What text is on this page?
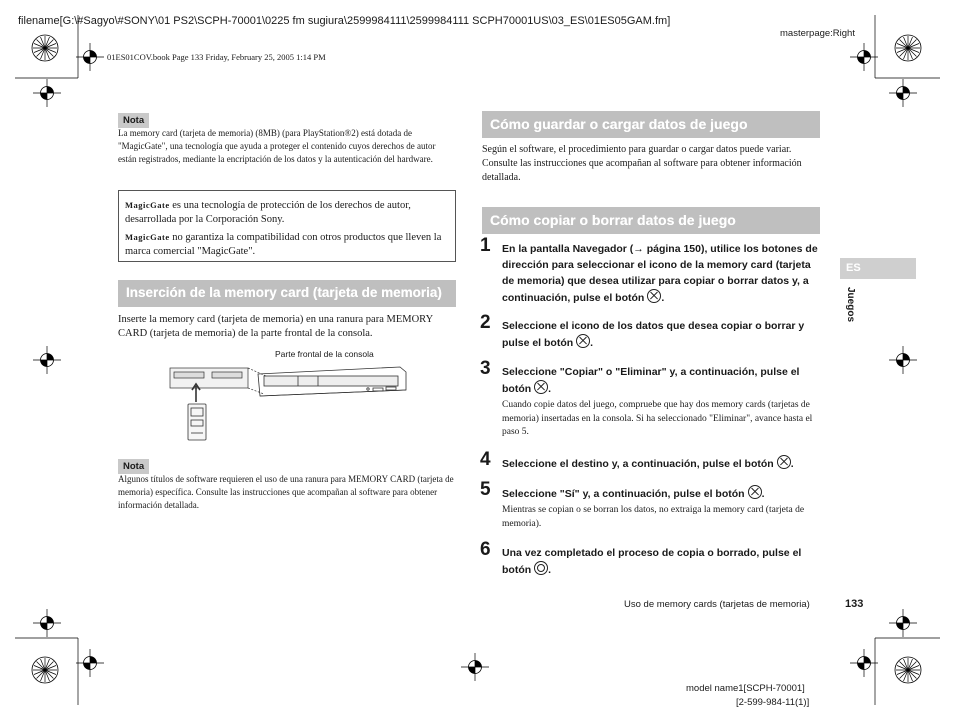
filename[G:\#Sagyo\#SONY\01 PS2\SCPH-70001\0225 fm sugiura\2599984111\2599984111 SCPH70001US\03_ES\01ES05GAM.fm]
masterpage:Right
01ES01COV.book Page 133 Friday, February 25, 2005 1:14 PM
Nota
La memory card (tarjeta de memoria) (8MB) (para PlayStation®2) está dotada de "MagicGate", una tecnología que ayuda a proteger el contenido cuyos derechos de autor están registrados, mediante la encriptación de los datos y la autenticación del hardware.
MagicGate es una tecnología de protección de los derechos de autor, desarrollada por la Corporación Sony.
MagicGate no garantiza la compatibilidad con otros productos que lleven la marca comercial "MagicGate".
Inserción de la memory card (tarjeta de memoria)
Inserte la memory card (tarjeta de memoria) en una ranura para MEMORY CARD (tarjeta de memoria) de la parte frontal de la consola.
Parte frontal de la consola
Nota
Algunos títulos de software requieren el uso de una ranura para MEMORY CARD (tarjeta de memoria) específica. Consulte las instrucciones que acompañan al software para obtener información detallada.
Cómo guardar o cargar datos de juego
Según el software, el procedimiento para guardar o cargar datos puede variar. Consulte las instrucciones que acompañan al software para obtener información detallada.
Cómo copiar o borrar datos de juego
1 En la pantalla Navegador (→ página 150), utilice los botones de dirección para seleccionar el icono de la memory card (tarjeta de memoria) que desea utilizar para copiar o borrar datos y, a continuación, pulse el botón .
2 Seleccione el icono de los datos que desea copiar o borrar y pulse el botón .
3 Seleccione "Copiar" o "Eliminar" y, a continuación, pulse el botón .
Cuando copie datos del juego, compruebe que hay dos memory cards (tarjetas de memoria) insertadas en la consola. Si ha seleccionado "Eliminar", avance hasta el paso 5.
4 Seleccione el destino y, a continuación, pulse el botón .
5 Seleccione "Sí" y, a continuación, pulse el botón .
Mientras se copian o se borran los datos, no extraiga la memory card (tarjeta de memoria).
6 Una vez completado el proceso de copia o borrado, pulse el botón .
ES
Juegos
Uso de memory cards (tarjetas de memoria)	133
model name1[SCPH-70001]
[2-599-984-11(1)]
